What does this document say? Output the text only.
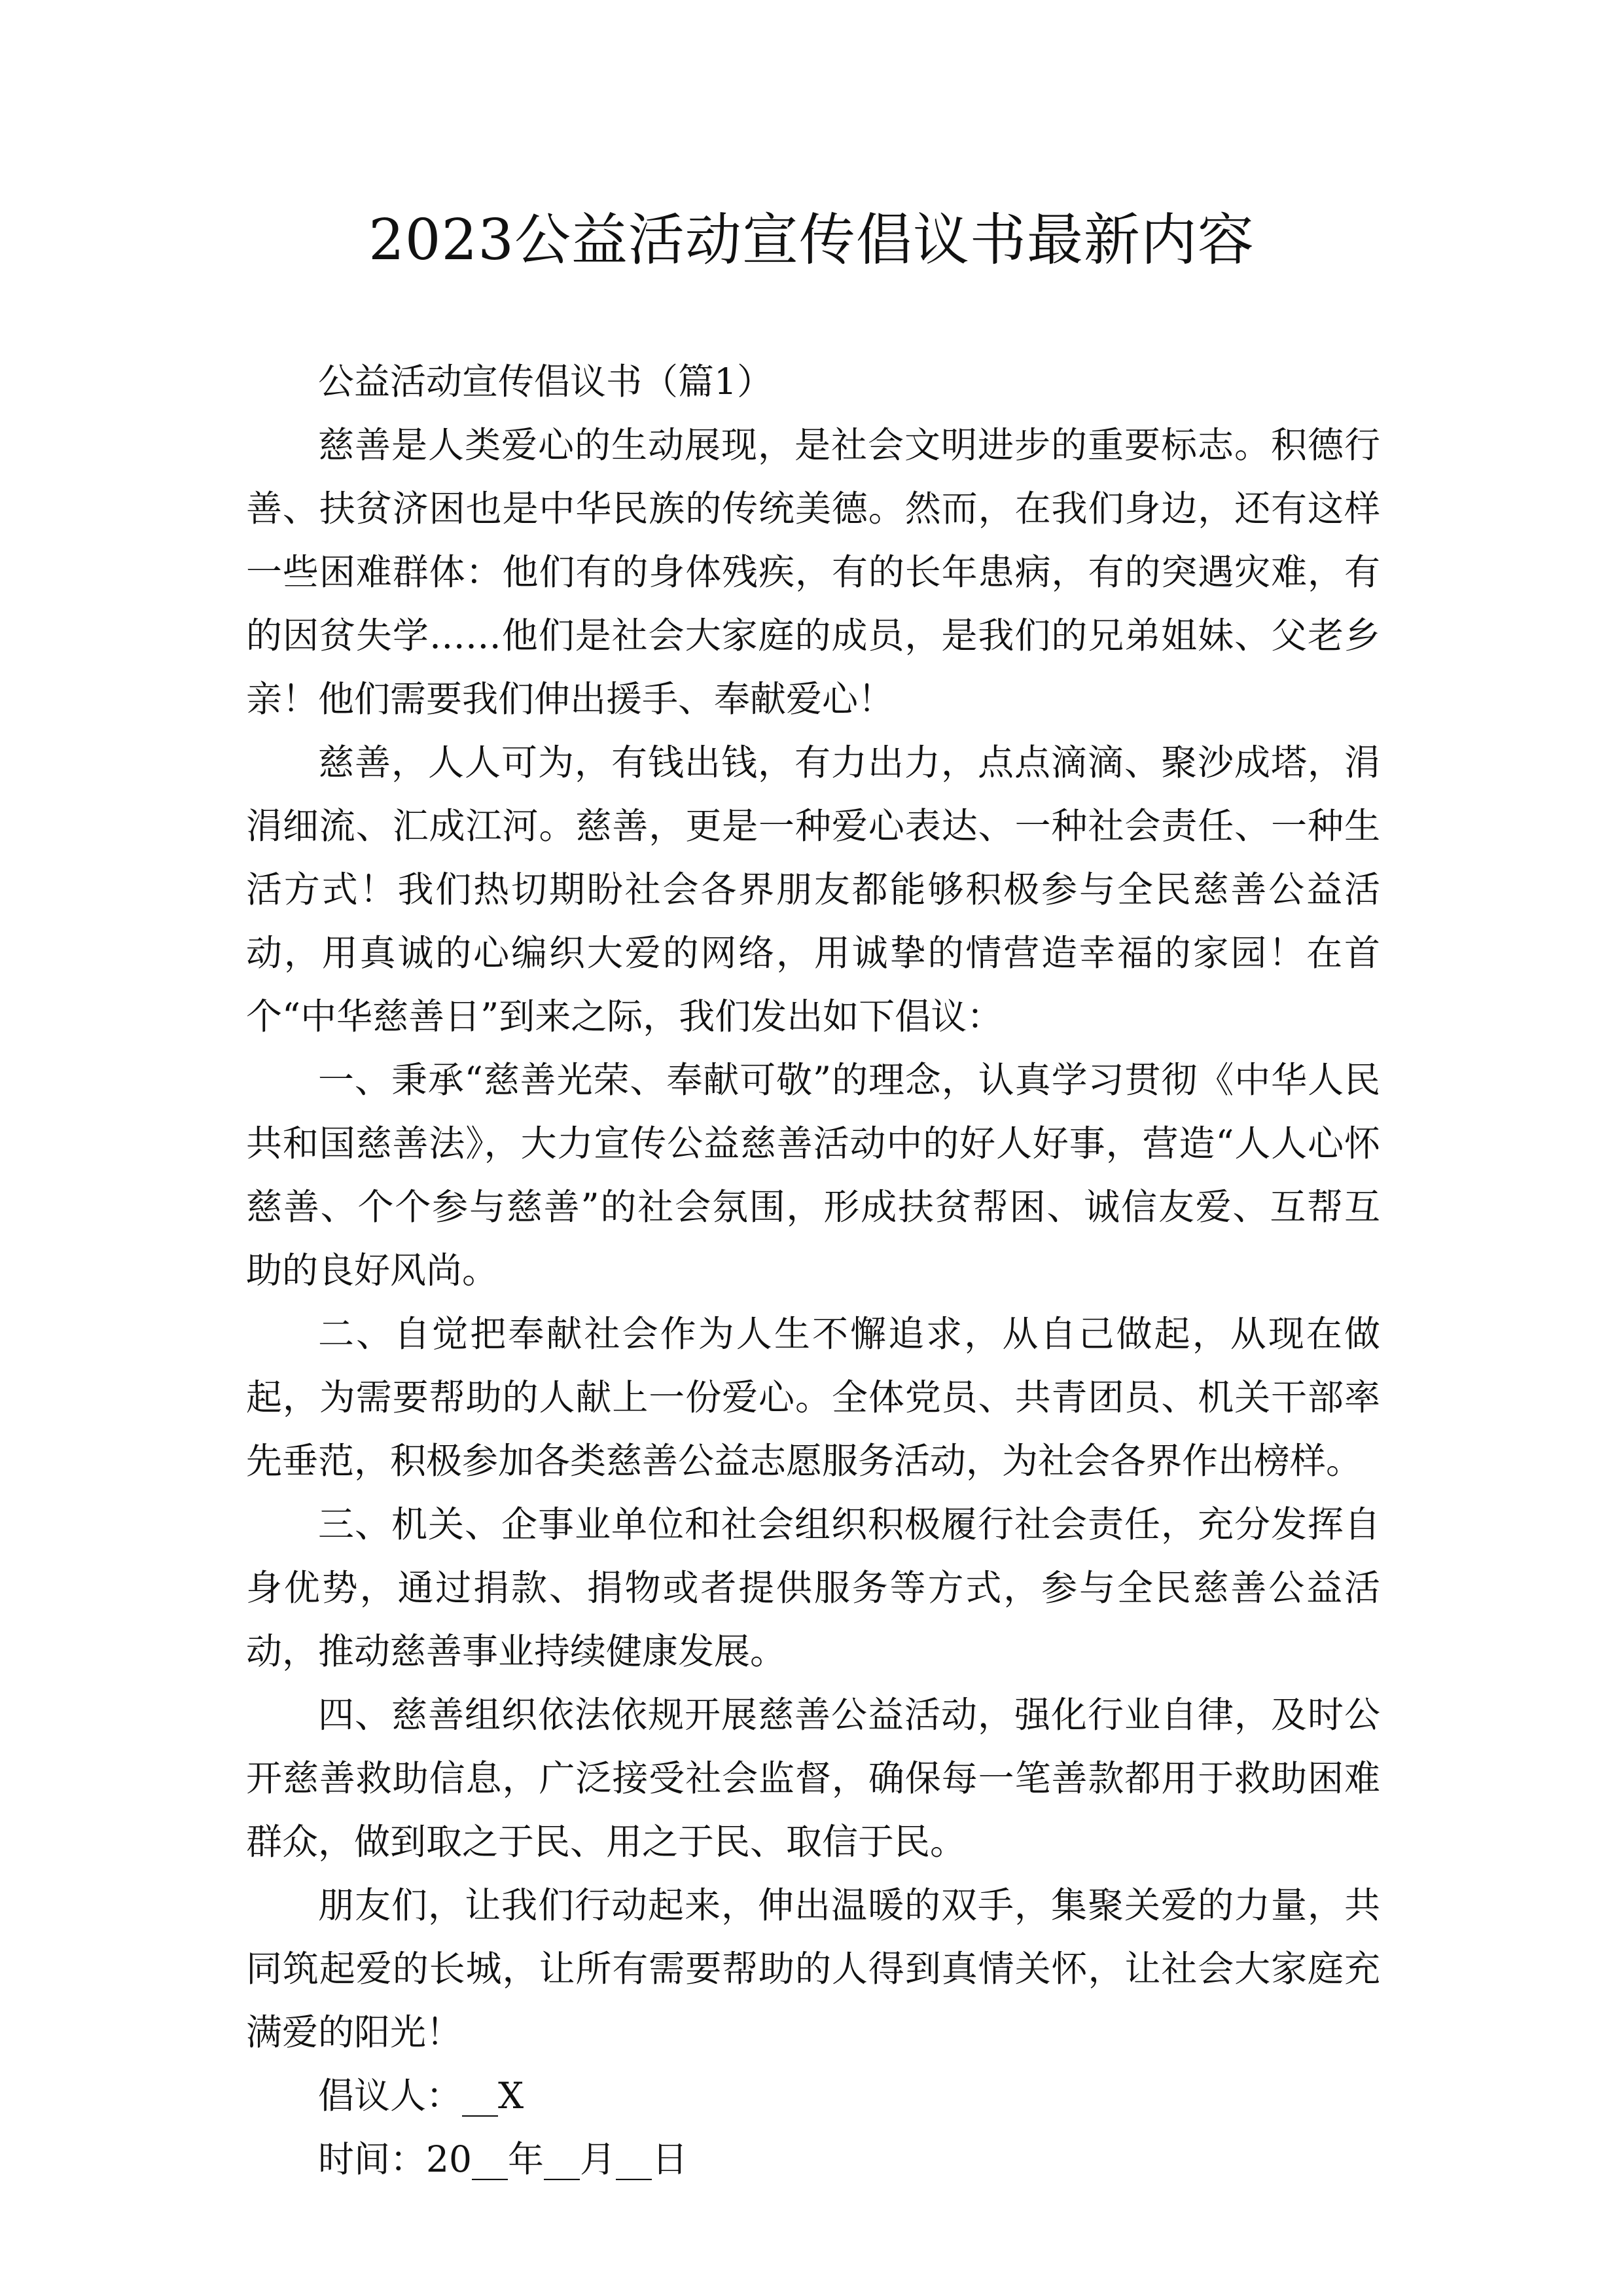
2023公益活动宣传倡议书最新内容

公益活动宣传倡议书（篇1）

慈善是人类爱心的生动展现，是社会文明进步的重要标志。积德行善、扶贫济困也是中华民族的传统美德。然而，在我们身边，还有这样一些困难群体：他们有的身体残疾，有的长年患病，有的突遇灾难，有的因贫失学……他们是社会大家庭的成员，是我们的兄弟姐妹、父老乡亲！他们需要我们伸出援手、奉献爱心！

慈善，人人可为，有钱出钱，有力出力，点点滴滴、聚沙成塔，涓涓细流、汇成江河。慈善，更是一种爱心表达、一种社会责任、一种生活方式！我们热切期盼社会各界朋友都能够积极参与全民慈善公益活动，用真诚的心编织大爱的网络，用诚挚的情营造幸福的家园！在首个“中华慈善日”到来之际，我们发出如下倡议：

一、秉承“慈善光荣、奉献可敬”的理念，认真学习贯彻《中华人民共和国慈善法》，大力宣传公益慈善活动中的好人好事，营造“人人心怀慈善、个个参与慈善”的社会氛围，形成扶贫帮困、诚信友爱、互帮互助的良好风尚。

二、自觉把奉献社会作为人生不懈追求，从自己做起，从现在做起，为需要帮助的人献上一份爱心。全体党员、共青团员、机关干部率先垂范，积极参加各类慈善公益志愿服务活动，为社会各界作出榜样。

三、机关、企事业单位和社会组织积极履行社会责任，充分发挥自身优势，通过捐款、捐物或者提供服务等方式，参与全民慈善公益活动，推动慈善事业持续健康发展。

四、慈善组织依法依规开展慈善公益活动，强化行业自律，及时公开慈善救助信息，广泛接受社会监督，确保每一笔善款都用于救助困难群众，做到取之于民、用之于民、取信于民。

朋友们，让我们行动起来，伸出温暖的双手，集聚关爱的力量，共同筑起爱的长城，让所有需要帮助的人得到真情关怀，让社会大家庭充满爱的阳光！

倡议人：__X

时间：20__年__月__日
